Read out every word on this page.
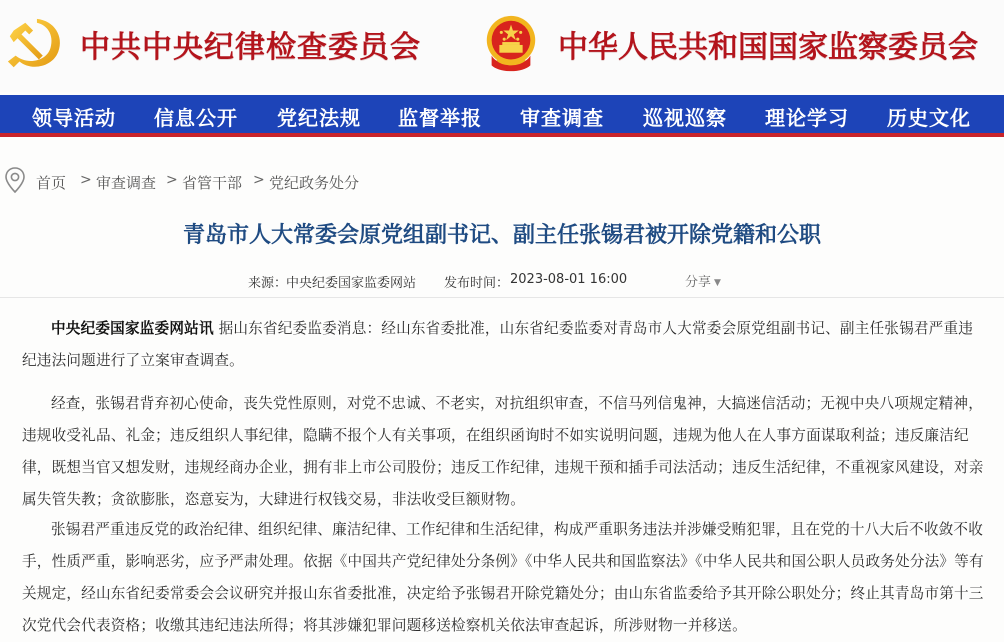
中共中央纪律检查委员会	中华人民共和国国家监察委员会
领导活动 信息公开 党纪法规 监督举报 审查调查 巡视巡察 理论学习 历史文化
首页 > 审查调查 > 省管干部 > 党纪政务处分
青岛市人大常委会原党组副书记、副主任张锡君被开除党籍和公职
来源：
中央纪委国家监委网站 发布时间： 2023-08-01 16:00	分享 ▼

中央纪委国家监委网站讯 据山东省纪委监委消息：经山东省委批准，山东省纪委监委对青岛市人大常委会原党组副书记、副主任张锡君严重违纪违法问题进行了立案审查调查。

经查，张锡君背弃初心使命，丧失党性原则，对党不忠诚、不老实，对抗组织审查，不信马列信鬼神，大搞迷信活动；无视中央八项规定精神，违规收受礼品、礼金；违反组织人事纪律，隐瞒不报个人有关事项，在组织函询时不如实说明问题，违规为他人在人事方面谋取利益；违反廉洁纪律，既想当官又想发财，违规经商办企业，拥有非上市公司股份；违反工作纪律，违规干预和插手司法活动；违反生活纪律，不重视家风建设，对亲属失管失教；贪欲膨胀，恣意妄为，大肆进行权钱交易，非法收受巨额财物。

张锡君严重违反党的政治纪律、组织纪律、廉洁纪律、工作纪律和生活纪律，构成严重职务违法并涉嫌受贿犯罪，且在党的十八大后不收敛不收手，性质严重，影响恶劣，应予严肃处理。依据《中国共产党纪律处分条例》《中华人民共和国监察法》《中华人民共和国公职人员政务处分法》等有关规定，经山东省纪委常委会会议研究并报山东省委批准，决定给予张锡君开除党籍处分；由山东省监委给予其开除公职处分；终止其青岛市第十三次党代会代表资格；收缴其违纪违法所得；将其涉嫌犯罪问题移送检察机关依法审查起诉，所涉财物一并移送。
